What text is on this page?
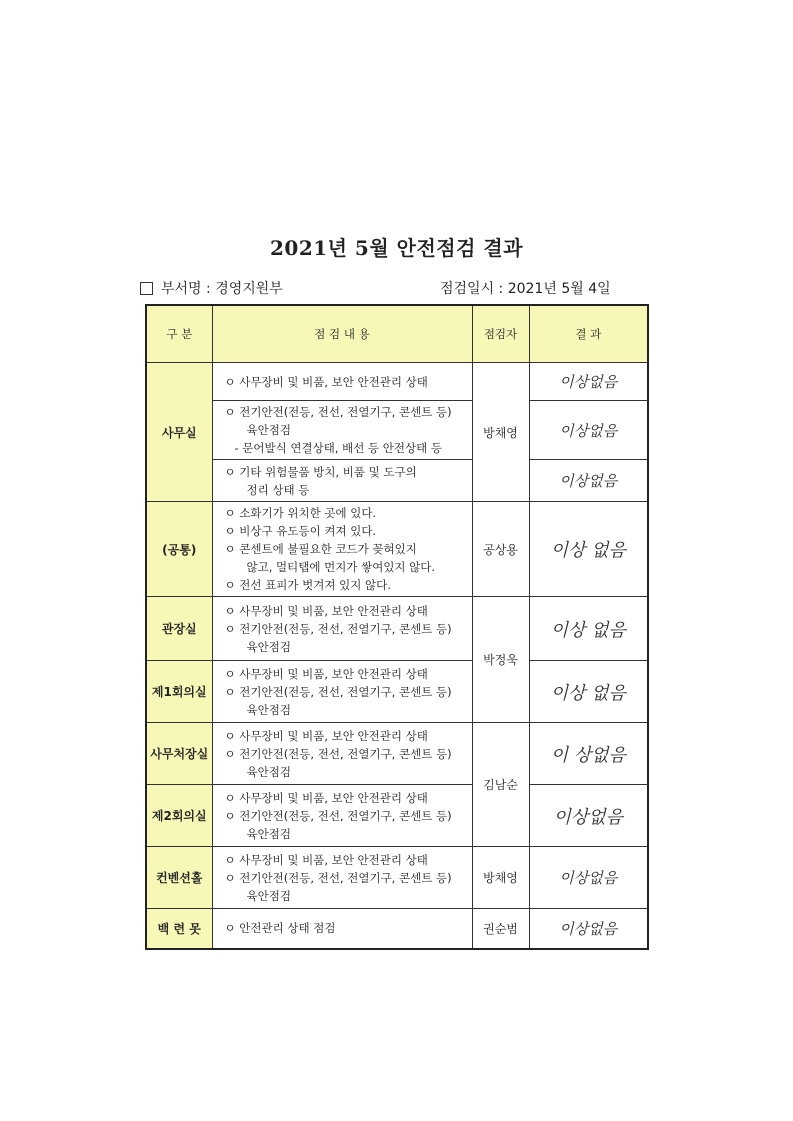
2021년 5월 안전점검 결과
부서명 : 경영지원부	점검일시 : 2021년 5월 4일
구 분	점 검 내 용	점검자	결 과
사무실	ㅇ 사무장비 및 비품, 보안 안전관리 상태	방채영	이상없음

	ㅇ 전기안전(전등, 전선, 전열기구, 콘센트 등)
육안점검
- 문어발식 연결상태, 배선 등 안전상태 등		이상없음

	ㅇ 기타 위험물품 방치, 비품 및 도구의
정리 상태 등		이상없음
(공통)	ㅇ 소화기가 위치한 곳에 있다.
ㅇ 비상구 유도등이 켜져 있다.
ㅇ 콘센트에 불필요한 코드가 꽂혀있지
않고, 멀티탭에 먼지가 쌓여있지 않다.
ㅇ 전선 표피가 벗겨져 있지 않다.	공상용	이상 없음
관장실	ㅇ 사무장비 및 비품, 보안 안전관리 상태
ㅇ 전기안전(전등, 전선, 전열기구, 콘센트 등)
육안점검	박정욱	이상 없음
제1회의실	ㅇ 사무장비 및 비품, 보안 안전관리 상태
ㅇ 전기안전(전등, 전선, 전열기구, 콘센트 등)
육안점검		이상 없음
사무처장실	ㅇ 사무장비 및 비품, 보안 안전관리 상태
ㅇ 전기안전(전등, 전선, 전열기구, 콘센트 등)
육안점검	김남순	이 상없음
제2회의실	ㅇ 사무장비 및 비품, 보안 안전관리 상태
ㅇ 전기안전(전등, 전선, 전열기구, 콘센트 등)
육안점검		이상없음
컨벤션홀	ㅇ 사무장비 및 비품, 보안 안전관리 상태
ㅇ 전기안전(전등, 전선, 전열기구, 콘센트 등)
육안점검	방채영	이상없음
백 련 못	ㅇ 안전관리 상태 점검	권순범	이상없음
